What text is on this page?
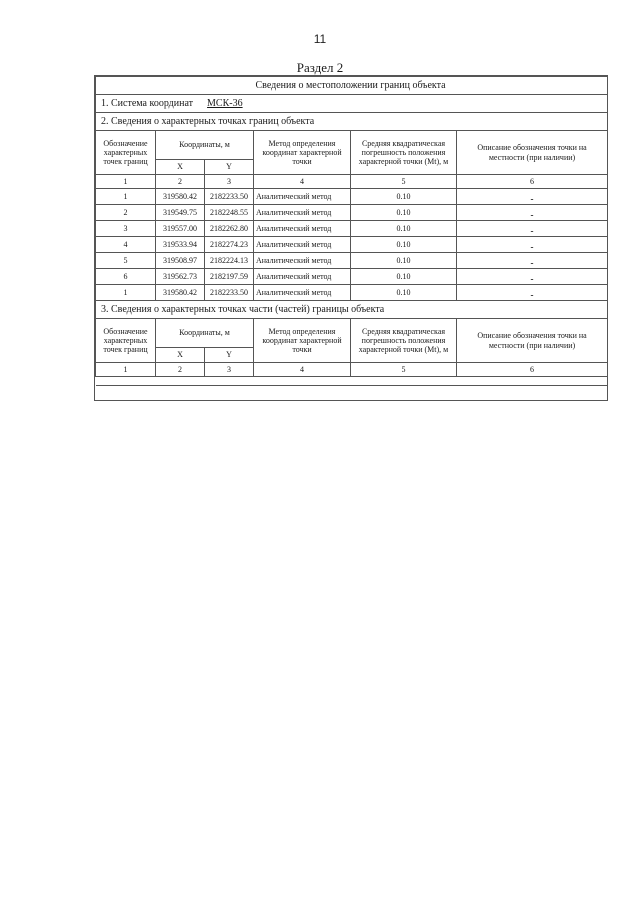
11
Раздел 2
Сведения о местоположении границ объекта					
1. Система координат МСК-36					
2. Сведения о характерных точках границ объекта					
Обозначение характерных точек границ	Координаты, м		Метод определения координат характерной точки	Средняя квадратическая погрешность положения характерной точки (Mt), м	Описание обозначения точки на местности (при наличии)
	X	Y			
1	2	3	4	5	6
1	319580.42	2182233.50	Аналитический метод	0.10	-
2	319549.75	2182248.55	Аналитический метод	0.10	-
3	319557.00	2182262.80	Аналитический метод	0.10	-
4	319533.94	2182274.23	Аналитический метод	0.10	-
5	319508.97	2182224.13	Аналитический метод	0.10	-
6	319562.73	2182197.59	Аналитический метод	0.10	-
1	319580.42	2182233.50	Аналитический метод	0.10	-
3. Сведения о характерных точках части (частей) границы объекта					
Обозначение характерных точек границ	Координаты, м		Метод определения координат характерной точки	Средняя квадратическая погрешность положения характерной точки (Mt), м	Описание обозначения точки на местности (при наличии)
	X	Y			
1	2	3	4	5	6
